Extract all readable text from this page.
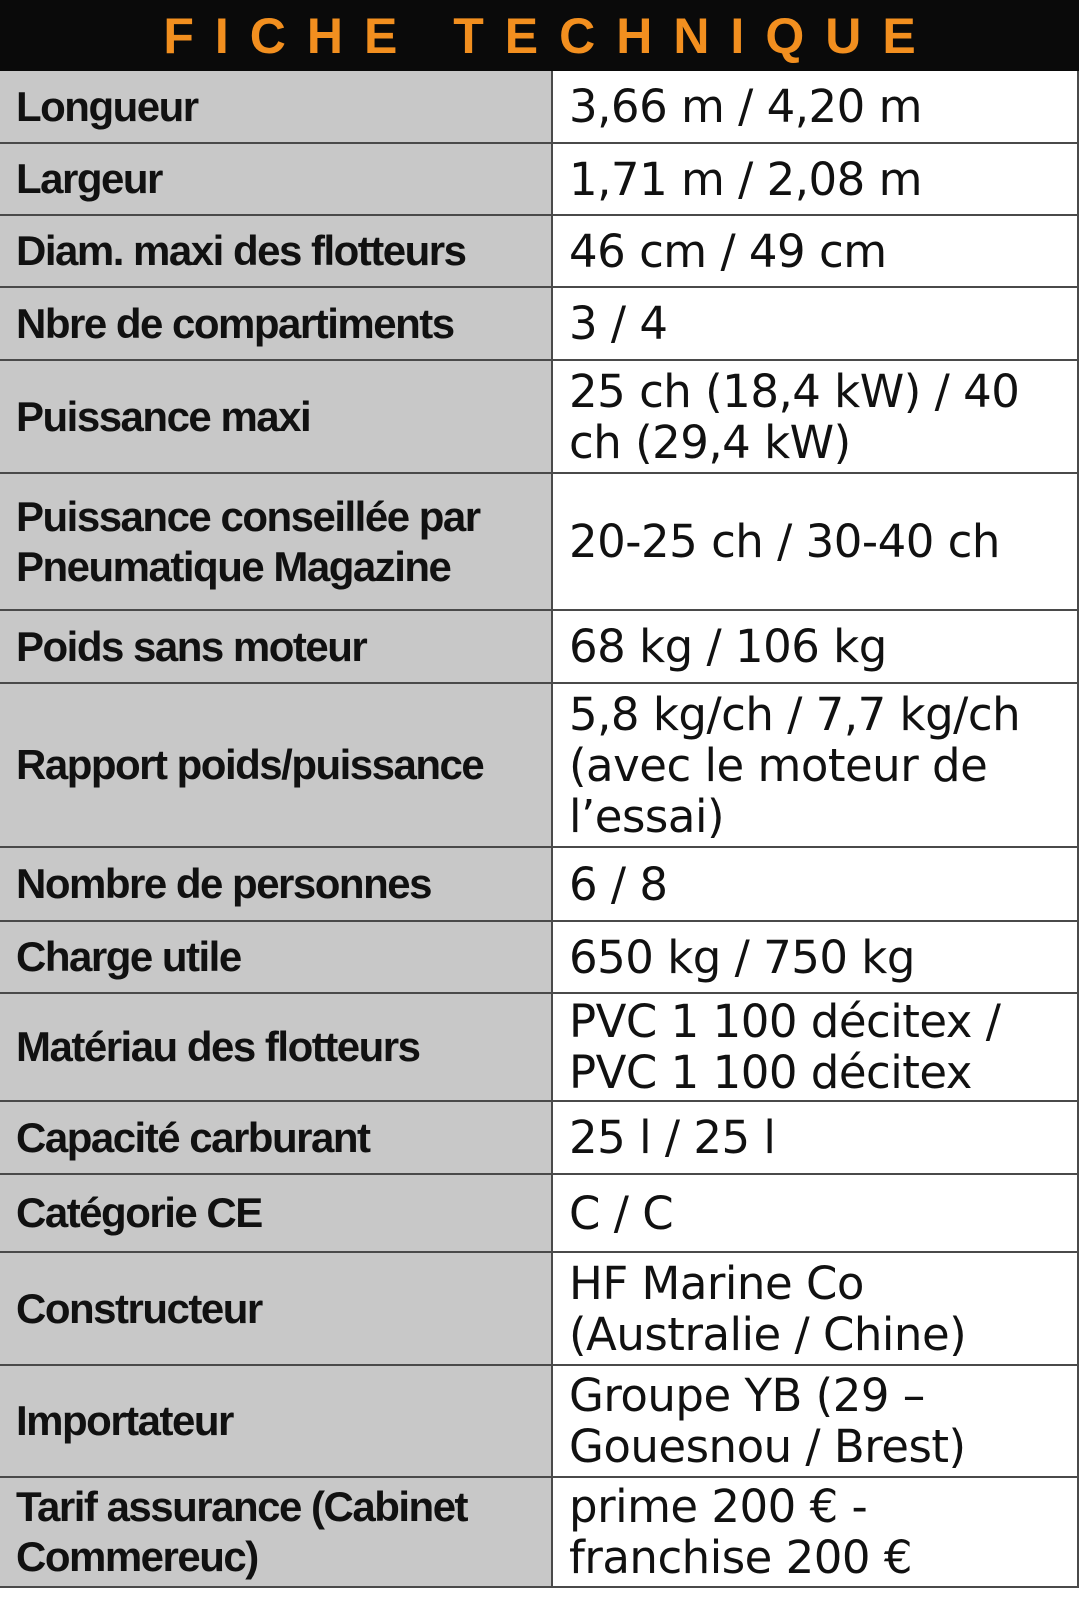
FICHE TECHNIQUE
Longueur	3,66 m / 4,20 m
Largeur	1,71 m / 2,08 m
Diam. maxi des flotteurs	46 cm / 49 cm
Nbre de compartiments	3 / 4
Puissance maxi	25 ch (18,4 kW) / 40 ch (29,4 kW)
Puissance conseillée par Pneumatique Magazine	20-25 ch / 30-40 ch
Poids sans moteur	68 kg / 106 kg
Rapport poids/puissance	5,8 kg/ch / 7,7 kg/ch (avec le moteur de l’essai)
Nombre de personnes	6 / 8
Charge utile	650 kg / 750 kg
Matériau des flotteurs	PVC 1 100 décitex / PVC 1 100 décitex
Capacité carburant	25 l / 25 l
Catégorie CE	C / C
Constructeur	HF Marine Co (Australie / Chine)
Importateur	Groupe YB (29 – Gouesnou / Brest)
Tarif assurance (Cabinet Commereuc)	prime 200 € - franchise 200 €
